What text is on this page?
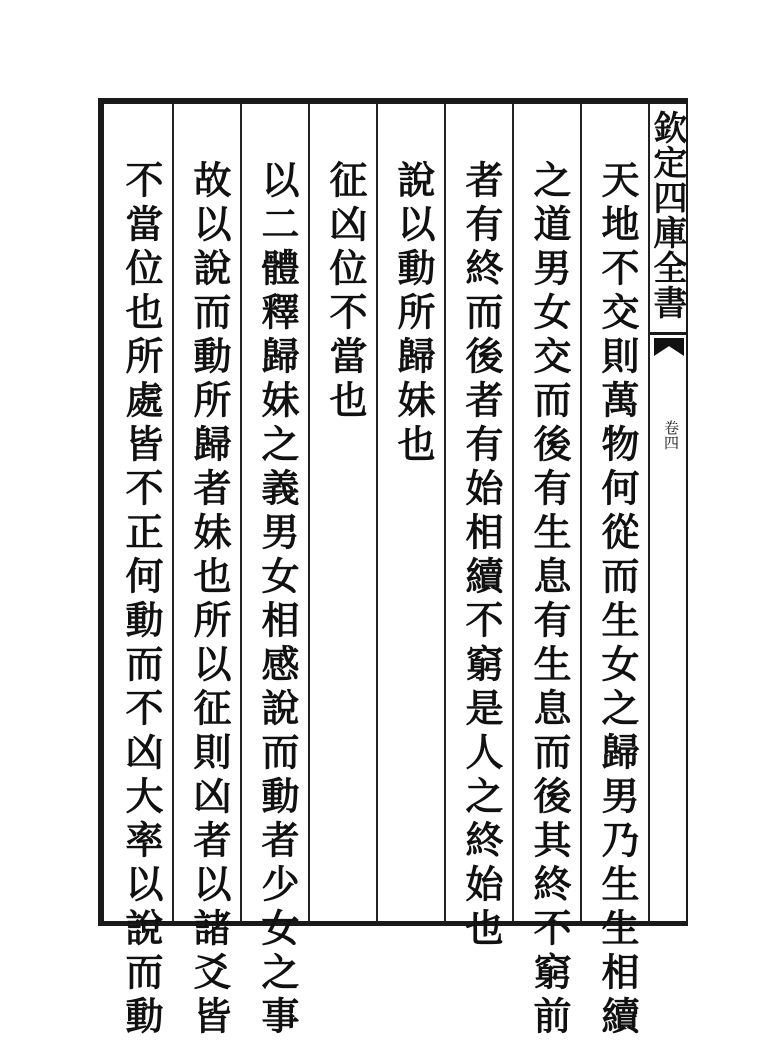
欽定四庫全書
卷四
天地不交則萬物何從而生女之歸男乃生生相續
之道男女交而後有生息有生息而後其終不窮前
者有終而後者有始相續不窮是人之終始也
說以動所歸妹也
征凶位不當也
以二體釋歸妹之義男女相感說而動者少女之事
故以說而動所歸者妹也所以征則凶者以諸爻皆
不當位也所處皆不正何動而不凶大率以說而動
